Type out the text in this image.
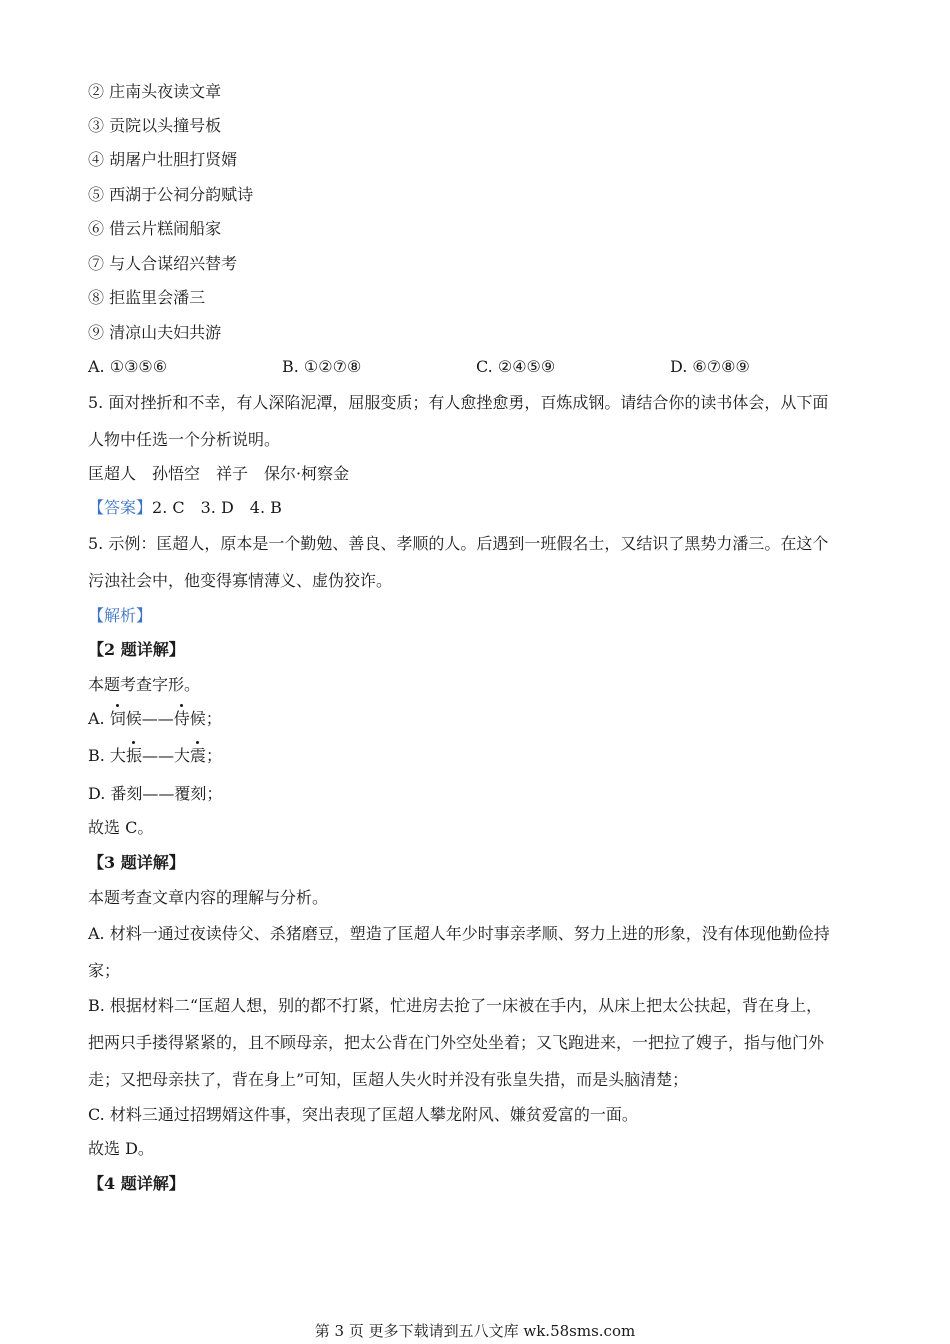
② 庄南头夜读文章
③ 贡院以头撞号板
④ 胡屠户壮胆打贤婿
⑤ 西湖于公祠分韵赋诗
⑥ 借云片糕闹船家
⑦ 与人合谋绍兴替考
⑧ 拒监里会潘三
⑨ 清凉山夫妇共游
A. ①③⑤⑥	B. ①②⑦⑧	C. ②④⑤⑨	D. ⑥⑦⑧⑨
5. 面对挫折和不幸，有人深陷泥潭，屈服变质；有人愈挫愈勇，百炼成钢。请结合你的读书体会，从下面
人物中任选一个分析说明。
匡超人　孙悟空　祥子　保尔·柯察金
【答案】2. C　3. D　4. B
5. 示例：匡超人，原本是一个勤勉、善良、孝顺的人。后遇到一班假名士，又结识了黑势力潘三。在这个
污浊社会中，他变得寡情薄义、虚伪狡诈。
【解析】
【2 题详解】
本题考查字形。
A. 饲候——侍候；
B. 大振——大震；
D. 番刻——覆刻；
故选 C。
【3 题详解】
本题考查文章内容的理解与分析。
A. 材料一通过夜读侍父、杀猪磨豆，塑造了匡超人年少时事亲孝顺、努力上进的形象，没有体现他勤俭持
家；
B. 根据材料二“匡超人想，别的都不打紧，忙进房去抢了一床被在手内，从床上把太公扶起，背在身上，
把两只手搂得紧紧的，且不顾母亲，把太公背在门外空处坐着；又飞跑进来，一把拉了嫂子，指与他门外
走；又把母亲扶了，背在身上”可知，匡超人失火时并没有张皇失措，而是头脑清楚；
C. 材料三通过招甥婿这件事，突出表现了匡超人攀龙附风、嫌贫爱富的一面。
故选 D。
【4 题详解】
第 3 页 更多下载请到五八文库 wk.58sms.com
